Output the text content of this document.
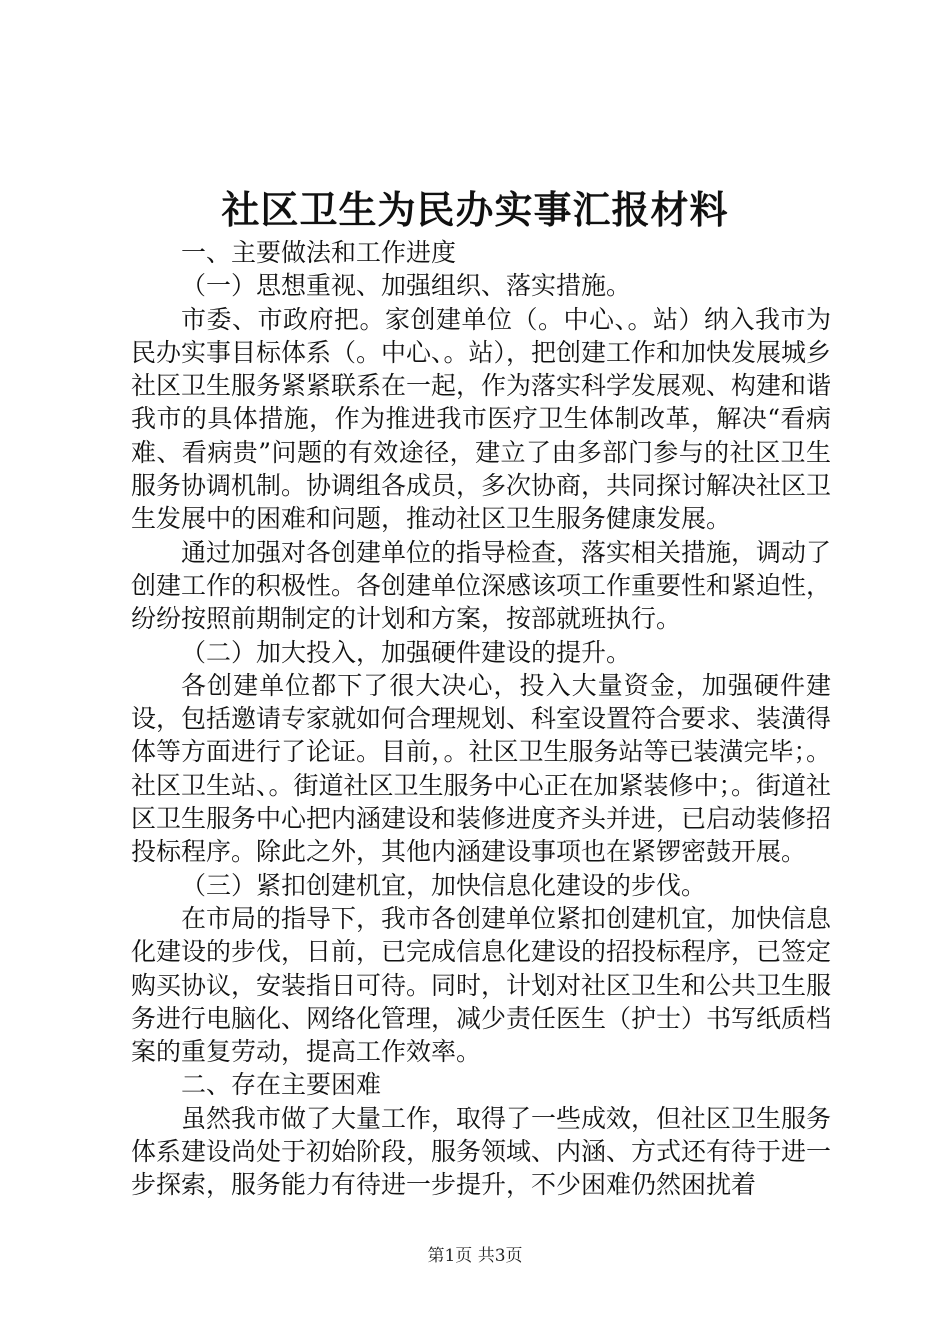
社区卫生为民办实事汇报材料

一、主要做法和工作进度

（一）思想重视、加强组织、落实措施。

市委、市政府把。家创建单位（。中心、。站）纳入我市为民办实事目标体系（。中心、。站），把创建工作和加快发展城乡社区卫生服务紧紧联系在一起，作为落实科学发展观、构建和谐我市的具体措施，作为推进我市医疗卫生体制改革，解决“看病难、看病贵”问题的有效途径，建立了由多部门参与的社区卫生服务协调机制。协调组各成员，多次协商，共同探讨解决社区卫生发展中的困难和问题，推动社区卫生服务健康发展。

通过加强对各创建单位的指导检查，落实相关措施，调动了创建工作的积极性。各创建单位深感该项工作重要性和紧迫性，纷纷按照前期制定的计划和方案，按部就班执行。

（二）加大投入，加强硬件建设的提升。

各创建单位都下了很大决心，投入大量资金，加强硬件建设，包括邀请专家就如何合理规划、科室设置符合要求、装潢得体等方面进行了论证。目前，。社区卫生服务站等已装潢完毕；。社区卫生站、。街道社区卫生服务中心正在加紧装修中；。街道社区卫生服务中心把内涵建设和装修进度齐头并进，已启动装修招投标程序。除此之外，其他内涵建设事项也在紧锣密鼓开展。

（三）紧扣创建机宜，加快信息化建设的步伐。

在市局的指导下，我市各创建单位紧扣创建机宜，加快信息化建设的步伐，日前，已完成信息化建设的招投标程序，已签定购买协议，安装指日可待。同时，计划对社区卫生和公共卫生服务进行电脑化、网络化管理，减少责任医生（护士）书写纸质档案的重复劳动，提高工作效率。

二、存在主要困难

虽然我市做了大量工作，取得了一些成效，但社区卫生服务体系建设尚处于初始阶段，服务领域、内涵、方式还有待于进一步探索，服务能力有待进一步提升，不少困难仍然困扰着

第1页 共3页
